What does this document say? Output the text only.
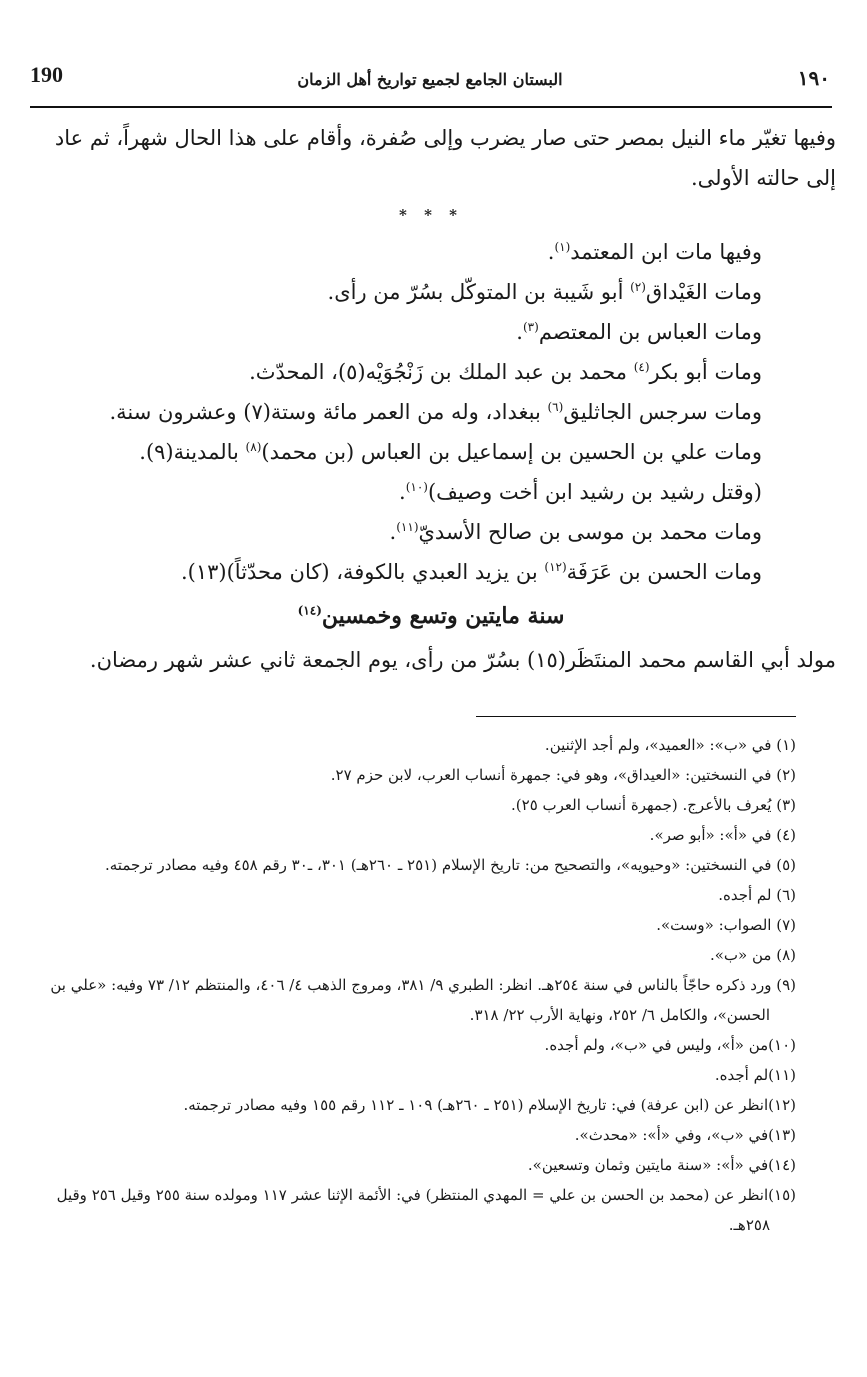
190	البستان الجامع لجميع تواريخ أهل الزمان	١٩٠

وفيها تغيّر ماء النيل بمصر حتى صار يضرب وإلى صُفرة، وأقام على هذا الحال شهراً، ثم عاد إلى حالته الأولى.

* * *

وفيها مات ابن المعتمد$^{(١)}$.

ومات الغَيْداق$^{(٢)}$ أبو شَيبة بن المتوكّل بسُرّ من رأى.

ومات العباس بن المعتصم$^{(٣)}$.

ومات أبو بكر$^{(٤)}$ محمد بن عبد الملك بن زَنْجُوَيْه(٥)، المحدّث.

ومات سرجس الجاثليق$^{(٦)}$ ببغداد، وله من العمر مائة وستة(٧) وعشرون سنة.

ومات علي بن الحسين بن إسماعيل بن العباس (بن محمد)$^{(٨)}$ بالمدينة(٩).

(وقتل رشيد بن رشيد ابن أخت وصيف)$^{(١٠)}$.

ومات محمد بن موسى بن صالح الأسديّ$^{(١١)}$.

ومات الحسن بن عَرَفَة$^{(١٢)}$ بن يزيد العبدي بالكوفة، (كان محدّثاً)(١٣).

سنة مايتين وتسع وخمسين$^{(١٤)}$

مولد أبي القاسم محمد المنتَظَر(١٥) بسُرّ من رأى، يوم الجمعة ثاني عشر شهر رمضان.

(١) في «ب»: «العميد»، ولم أجد الإثنين.

(٢) في النسختين: «العيداق»، وهو في: جمهرة أنساب العرب، لابن حزم ٢٧.

(٣) يُعرف بالأعرج. (جمهرة أنساب العرب ٢٥).

(٤) في «أ»: «أبو صر».

(٥) في النسختين: «وحيويه»، والتصحيح من: تاريخ الإسلام (٢٥١ ـ ٢٦٠هـ) ٣٠١، ـ٣٠ رقم ٤٥٨ وفيه مصادر ترجمته.

(٦) لم أجده.

(٧) الصواب: «وست».

(٨) من «ب».

(٩) ورد ذكره حاجّاً بالناس في سنة ٢٥٤هـ. انظر: الطبري ٩/ ٣٨١، ومروج الذهب ٤/ ٤٠٦، والمنتظم ١٢/ ٧٣ وفيه: «علي بن الحسن»، والكامل ٦/ ٢٥٢، ونهاية الأرب ٢٢/ ٣١٨.

(١٠)من «أ»، وليس في «ب»، ولم أجده.

(١١)لم أجده.

(١٢)انظر عن (ابن عرفة) في: تاريخ الإسلام (٢٥١ ـ ٢٦٠هـ) ١٠٩ ـ ١١٢ رقم ١٥٥ وفيه مصادر ترجمته.

(١٣)في «ب»، وفي «أ»: «محدث».

(١٤)في «أ»: «سنة مايتين وثمان وتسعين».

(١٥)انظر عن (محمد بن الحسن بن علي = المهدي المنتظر) في: الأئمة الإثنا عشر ١١٧ ومولده سنة ٢٥٥ وقيل ٢٥٦ وقيل ٢٥٨هـ.
